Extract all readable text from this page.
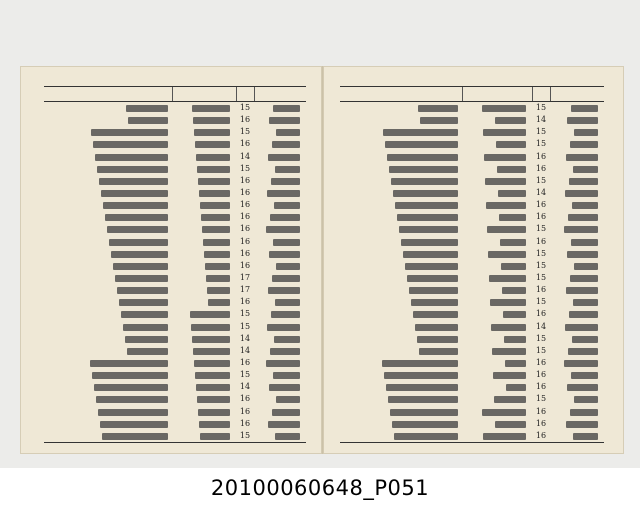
15
16
15
16
14
15
16
16
16
16
16
16
16
16
17
17
16
15
15
14
14
16
15
14
16
16
16
15
15
14
15
15
16
16
15
14
16
16
15
16
15
15
15
16
15
16
14
15
15
16
16
16
15
16
16
16
20100060648_P051
